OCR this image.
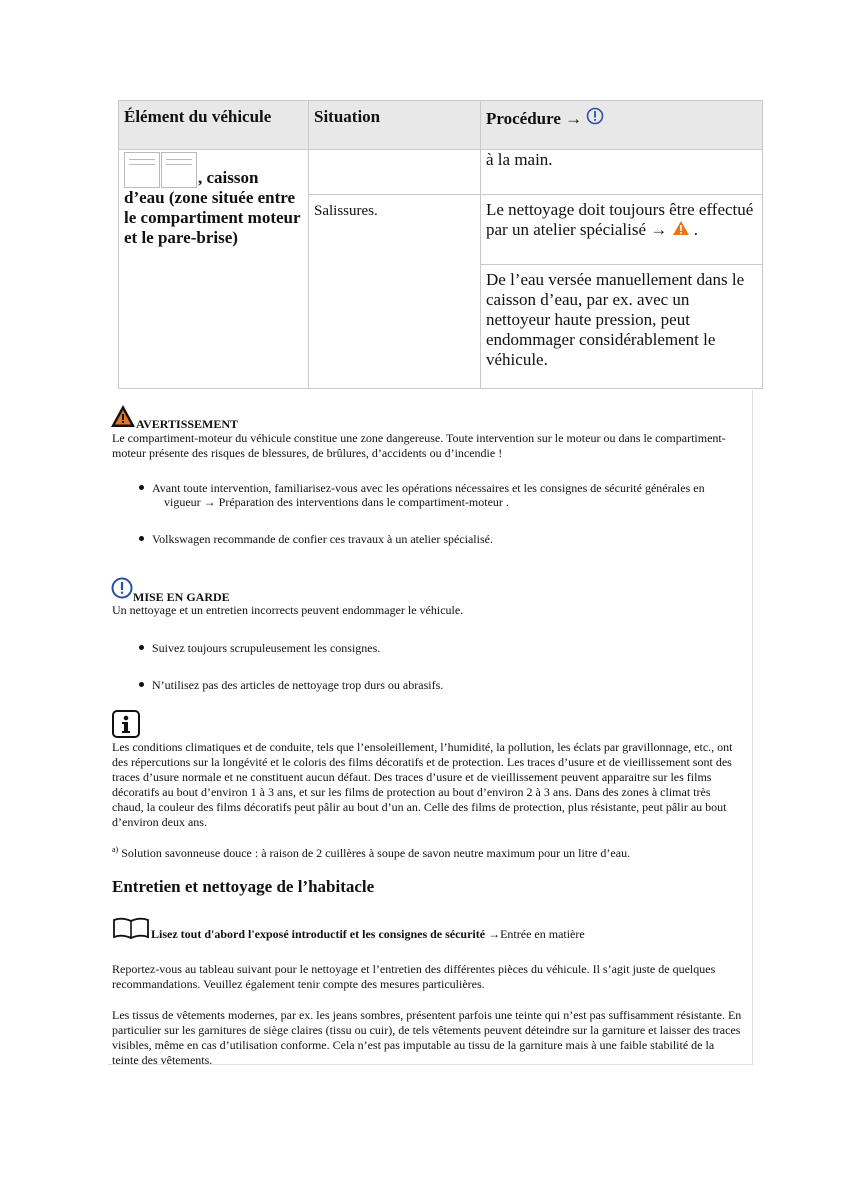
Élément du véhicule	Situation	Procédure →
, caisson d’eau (zone située entre le compartiment moteur et le pare-brise)		à la main.
	Salissures.	Le nettoyage doit toujours être effectué par un atelier spécialisé → .
		De l’eau versée manuellement dans le caisson d’eau, par ex. avec un nettoyeur haute pression, peut endommager considérablement le véhicule.
AVERTISSEMENT
Le compartiment-moteur du véhicule constitue une zone dangereuse. Toute intervention sur le moteur ou dans le compartiment-moteur présente des risques de blessures, de brûlures, d’accidents ou d’incendie !
Avant toute intervention, familiarisez-vous avec les opérations nécessaires et les consignes de sécurité générales en
vigueur → Préparation des interventions dans le compartiment-moteur .
Volkswagen recommande de confier ces travaux à un atelier spécialisé.
MISE EN GARDE
Un nettoyage et un entretien incorrects peuvent endommager le véhicule.
Suivez toujours scrupuleusement les consignes.
N’utilisez pas des articles de nettoyage trop durs ou abrasifs.
Les conditions climatiques et de conduite, tels que l’ensoleillement, l’humidité, la pollution, les éclats par gravillonnage, etc., ont des répercutions sur la longévité et le coloris des films décoratifs et de protection. Les traces d’usure et de vieillissement sont des traces d’usure normale et ne constituent aucun défaut. Des traces d’usure et de vieillissement peuvent apparaitre sur les films décoratifs au bout d’environ 1 à 3 ans, et sur les films de protection au bout d’environ 2 à 3 ans. Dans des zones à climat très chaud, la couleur des films décoratifs peut pâlir au bout d’un an. Celle des films de protection, plus résistante, peut pâlir au bout d’environ deux ans.
$^{a)}$ Solution savonneuse douce : à raison de 2 cuillères à soupe de savon neutre maximum pour un litre d’eau.
Entretien et nettoyage de l’habitacle
Lisez tout d'abord l'exposé introductif et les consignes de sécurité →Entrée en matière
Reportez-vous au tableau suivant pour le nettoyage et l’entretien des différentes pièces du véhicule. Il s’agit juste de quelques recommandations. Veuillez également tenir compte des mesures particulières.
Les tissus de vêtements modernes, par ex. les jeans sombres, présentent parfois une teinte qui n’est pas suffisamment résistante. En particulier sur les garnitures de siège claires (tissu ou cuir), de tels vêtements peuvent déteindre sur la garniture et laisser des traces visibles, même en cas d’utilisation conforme. Cela n’est pas imputable au tissu de la garniture mais à une faible stabilité de la teinte des vêtements.
